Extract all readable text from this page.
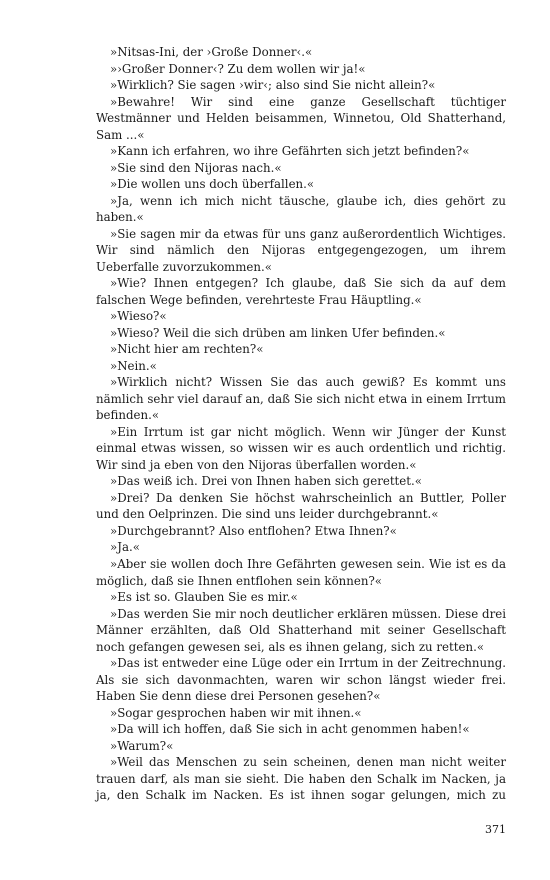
»Nitsas-Ini, der ›Große Donner‹.«

»›Großer Donner‹? Zu dem wollen wir ja!«

»Wirklich? Sie sagen ›wir‹; also sind Sie nicht allein?«

»Bewahre! Wir sind eine ganze Gesellschaft tüchtiger Westmänner und Helden beisammen, Winnetou, Old Shatterhand, Sam ...«

»Kann ich erfahren, wo ihre Gefährten sich jetzt befinden?«

»Sie sind den Nijoras nach.«

»Die wollen uns doch überfallen.«

»Ja, wenn ich mich nicht täusche, glaube ich, dies gehört zu haben.«

»Sie sagen mir da etwas für uns ganz außerordentlich Wichtiges. Wir sind nämlich den Nijoras entgegengezogen, um ihrem Ueberfalle zuvorzukommen.«

»Wie? Ihnen entgegen? Ich glaube, daß Sie sich da auf dem falschen Wege befinden, verehrteste Frau Häuptling.«

»Wieso?«

»Wieso? Weil die sich drüben am linken Ufer befinden.«

»Nicht hier am rechten?«

»Nein.«

»Wirklich nicht? Wissen Sie das auch gewiß? Es kommt uns nämlich sehr viel darauf an, daß Sie sich nicht etwa in einem Irrtum befinden.«

»Ein Irrtum ist gar nicht möglich. Wenn wir Jünger der Kunst einmal etwas wissen, so wissen wir es auch ordentlich und richtig. Wir sind ja eben von den Nijoras überfallen worden.«

»Das weiß ich. Drei von Ihnen haben sich gerettet.«

»Drei? Da denken Sie höchst wahrscheinlich an Buttler, Poller und den Oelprinzen. Die sind uns leider durchgebrannt.«

»Durchgebrannt? Also entflohen? Etwa Ihnen?«

»Ja.«

»Aber sie wollen doch Ihre Gefährten gewesen sein. Wie ist es da möglich, daß sie Ihnen entflohen sein können?«

»Es ist so. Glauben Sie es mir.«

»Das werden Sie mir noch deutlicher erklären müssen. Diese drei Männer erzählten, daß Old Shatterhand mit seiner Gesellschaft noch gefangen gewesen sei, als es ihnen gelang, sich zu retten.«

»Das ist entweder eine Lüge oder ein Irrtum in der Zeitrechnung. Als sie sich davonmachten, waren wir schon längst wieder frei. Haben Sie denn diese drei Personen gesehen?«

»Sogar gesprochen haben wir mit ihnen.«

»Da will ich hoffen, daß Sie sich in acht genommen haben!«

»Warum?«

»Weil das Menschen zu sein scheinen, denen man nicht weiter trauen darf, als man sie sieht. Die haben den Schalk im Nacken, ja ja, den Schalk im Nacken. Es ist ihnen sogar gelungen, mich zu

371
